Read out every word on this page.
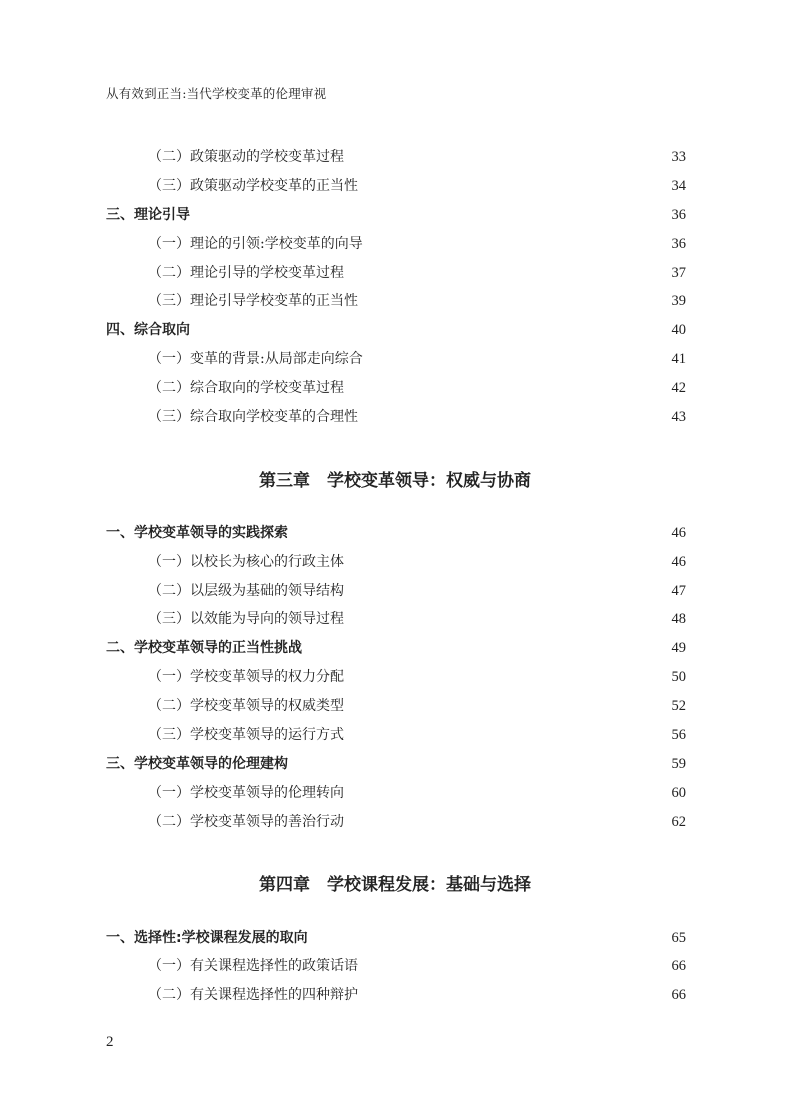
从有效到正当:当代学校变革的伦理审视
（二）政策驱动的学校变革过程	33
（三）政策驱动学校变革的正当性	34
三、理论引导	36
（一）理论的引领:学校变革的向导	36
（二）理论引导的学校变革过程	37
（三）理论引导学校变革的正当性	39
四、综合取向	40
（一）变革的背景:从局部走向综合	41
（二）综合取向的学校变革过程	42
（三）综合取向学校变革的合理性	43
第三章　学校变革领导：权威与协商
一、学校变革领导的实践探索	46
（一）以校长为核心的行政主体	46
（二）以层级为基础的领导结构	47
（三）以效能为导向的领导过程	48
二、学校变革领导的正当性挑战	49
（一）学校变革领导的权力分配	50
（二）学校变革领导的权威类型	52
（三）学校变革领导的运行方式	56
三、学校变革领导的伦理建构	59
（一）学校变革领导的伦理转向	60
（二）学校变革领导的善治行动	62
第四章　学校课程发展：基础与选择
一、选择性:学校课程发展的取向	65
（一）有关课程选择性的政策话语	66
（二）有关课程选择性的四种辩护	66
2
